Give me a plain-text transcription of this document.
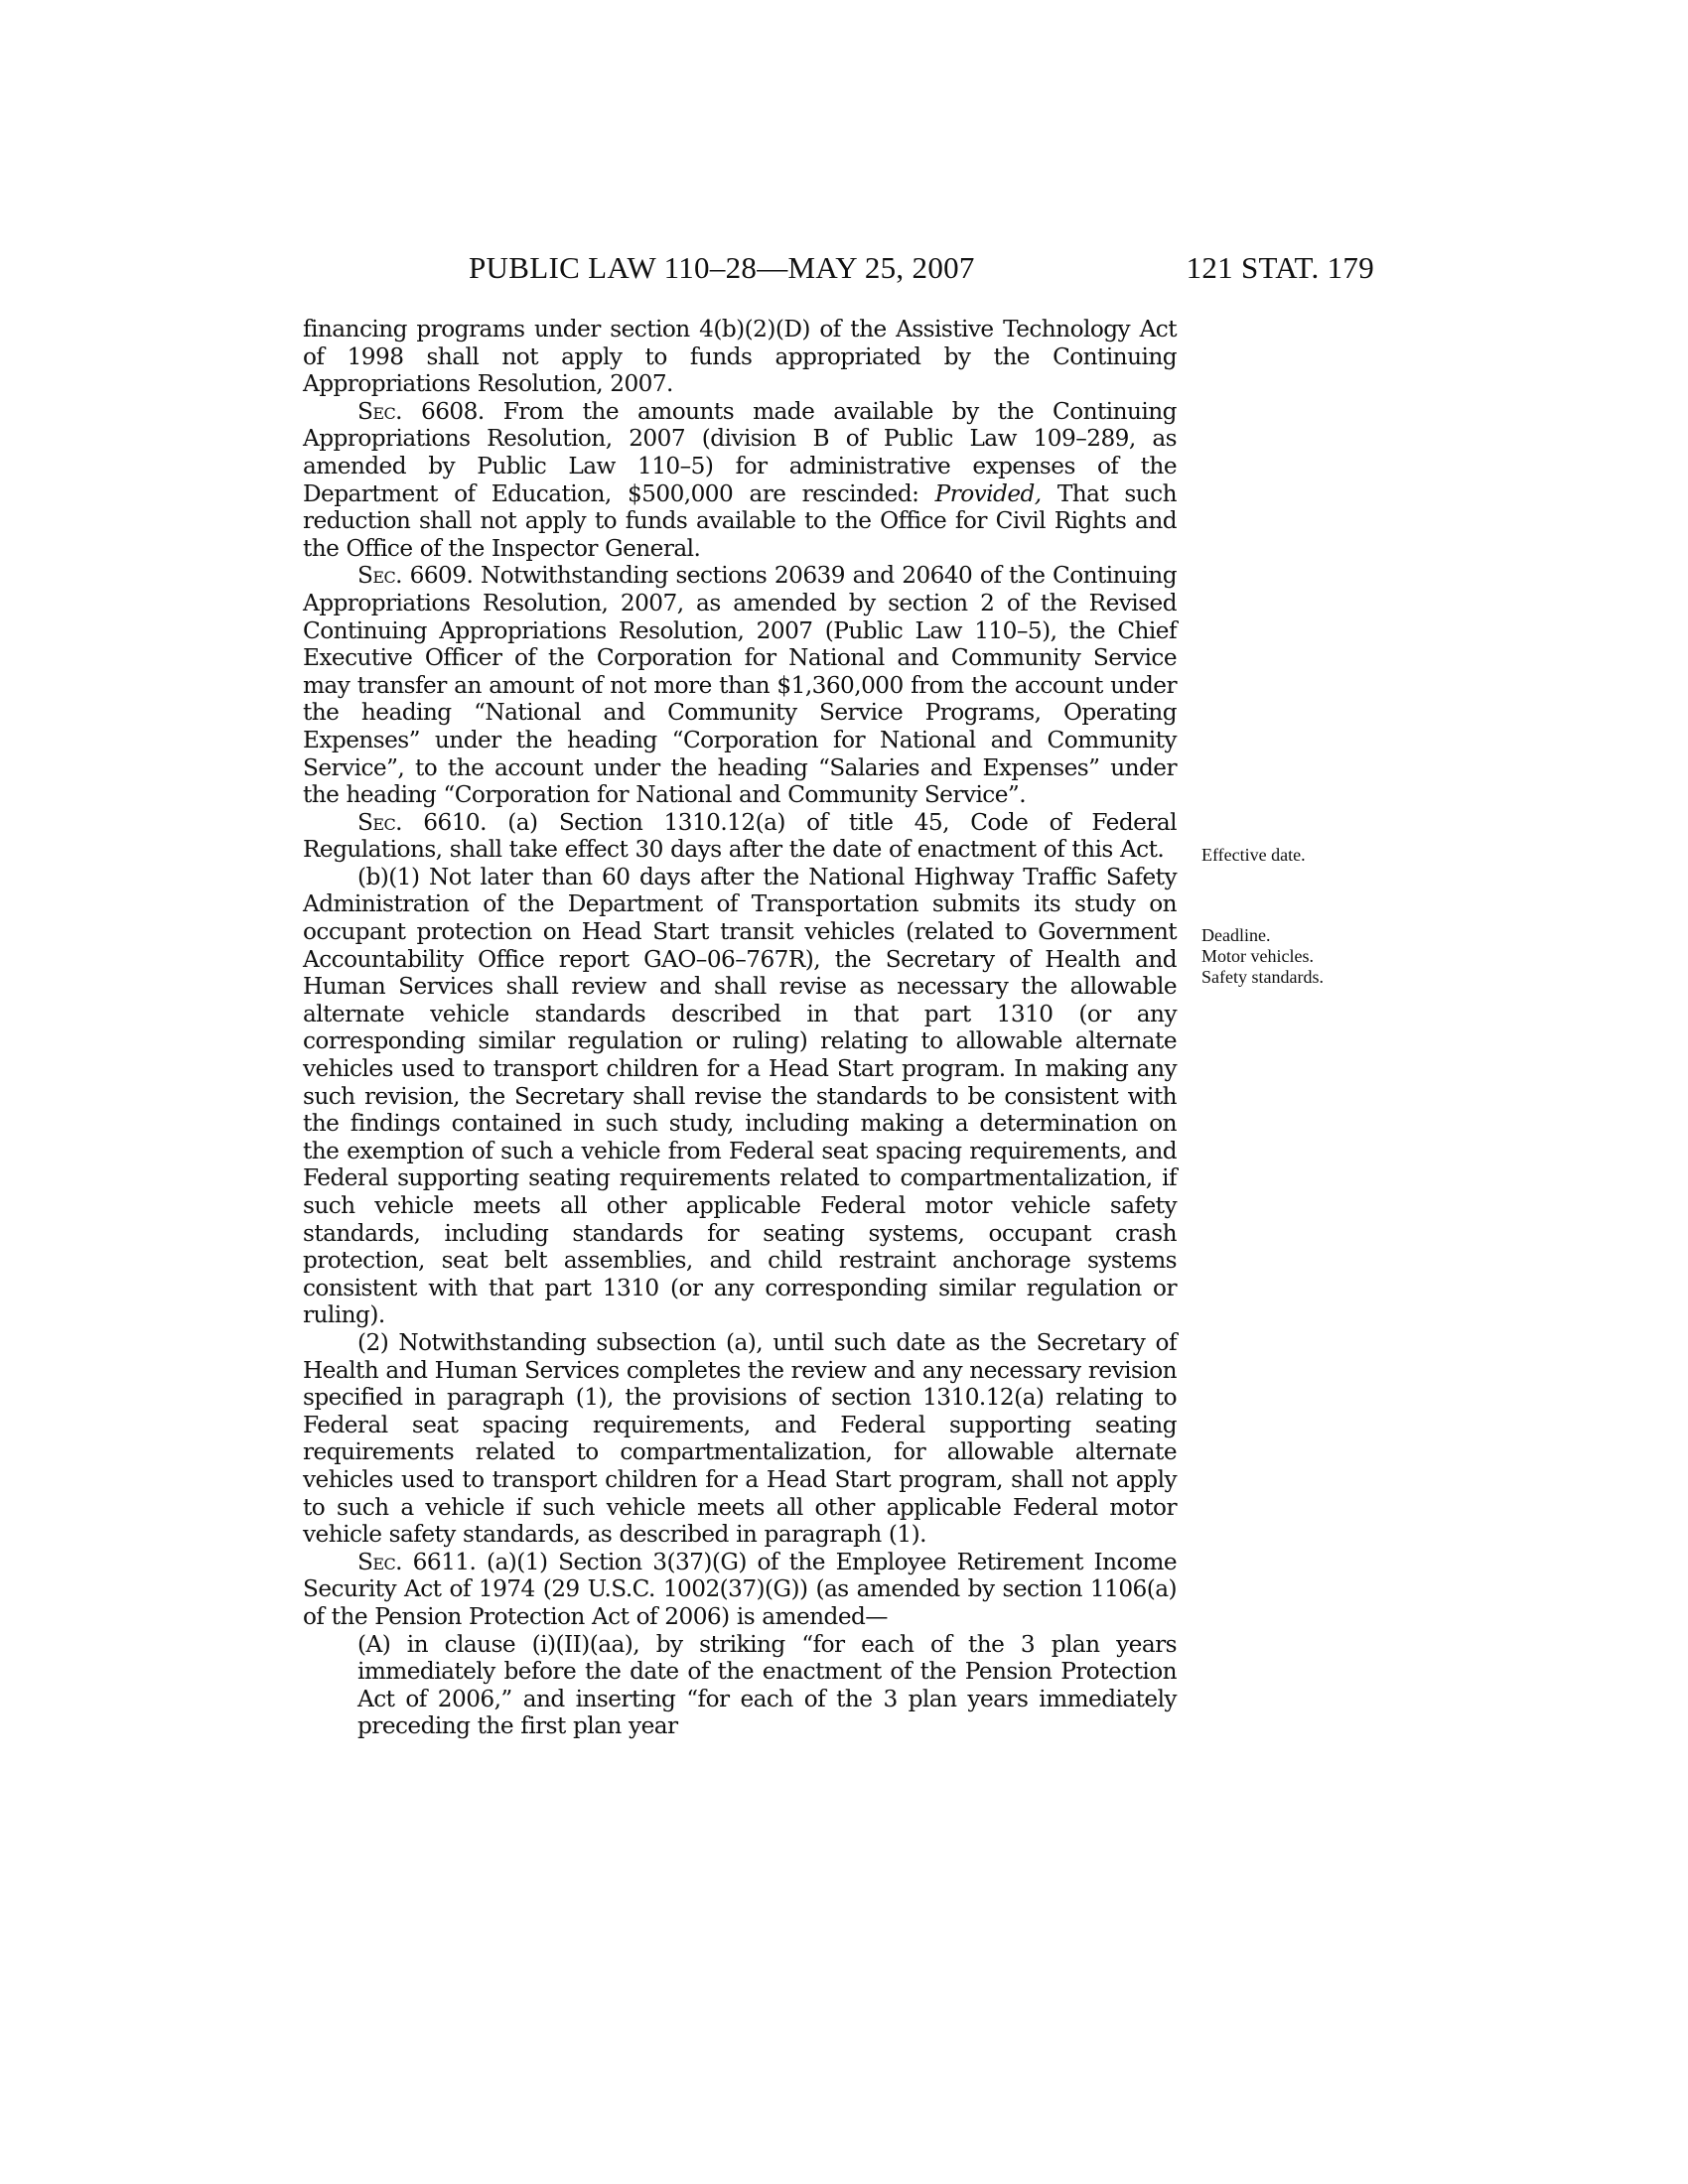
PUBLIC LAW 110–28—MAY 25, 2007	121 STAT. 179

financing programs under section 4(b)(2)(D) of the Assistive Technology Act of 1998 shall not apply to funds appropriated by the Continuing Appropriations Resolution, 2007.

Sec. 6608. From the amounts made available by the Continuing Appropriations Resolution, 2007 (division B of Public Law 109–289, as amended by Public Law 110–5) for administrative expenses of the Department of Education, $500,000 are rescinded: Provided, That such reduction shall not apply to funds available to the Office for Civil Rights and the Office of the Inspector General.

Sec. 6609. Notwithstanding sections 20639 and 20640 of the Continuing Appropriations Resolution, 2007, as amended by section 2 of the Revised Continuing Appropriations Resolution, 2007 (Public Law 110–5), the Chief Executive Officer of the Corporation for National and Community Service may transfer an amount of not more than $1,360,000 from the account under the heading “National and Community Service Programs, Operating Expenses” under the heading “Corporation for National and Community Service”, to the account under the heading “Salaries and Expenses” under the heading “Corporation for National and Community Service”.

Sec. 6610. (a) Section 1310.12(a) of title 45, Code of Federal Regulations, shall take effect 30 days after the date of enactment of this Act.

(b)(1) Not later than 60 days after the National Highway Traffic Safety Administration of the Department of Transportation submits its study on occupant protection on Head Start transit vehicles (related to Government Accountability Office report GAO–06–767R), the Secretary of Health and Human Services shall review and shall revise as necessary the allowable alternate vehicle standards described in that part 1310 (or any corresponding similar regulation or ruling) relating to allowable alternate vehicles used to transport children for a Head Start program. In making any such revision, the Secretary shall revise the standards to be consistent with the findings contained in such study, including making a determination on the exemption of such a vehicle from Federal seat spacing requirements, and Federal supporting seating requirements related to compartmentalization, if such vehicle meets all other applicable Federal motor vehicle safety standards, including standards for seating systems, occupant crash protection, seat belt assemblies, and child restraint anchorage systems consistent with that part 1310 (or any corresponding similar regulation or ruling).

(2) Notwithstanding subsection (a), until such date as the Secretary of Health and Human Services completes the review and any necessary revision specified in paragraph (1), the provisions of section 1310.12(a) relating to Federal seat spacing requirements, and Federal supporting seating requirements related to compartmentalization, for allowable alternate vehicles used to transport children for a Head Start program, shall not apply to such a vehicle if such vehicle meets all other applicable Federal motor vehicle safety standards, as described in paragraph (1).

Sec. 6611. (a)(1) Section 3(37)(G) of the Employee Retirement Income Security Act of 1974 (29 U.S.C. 1002(37)(G)) (as amended by section 1106(a) of the Pension Protection Act of 2006) is amended—

(A) in clause (i)(II)(aa), by striking “for each of the 3 plan years immediately before the date of the enactment of the Pension Protection Act of 2006,” and inserting “for each of the 3 plan years immediately preceding the first plan year

Effective date.
Deadline.
Motor vehicles.
Safety standards.
